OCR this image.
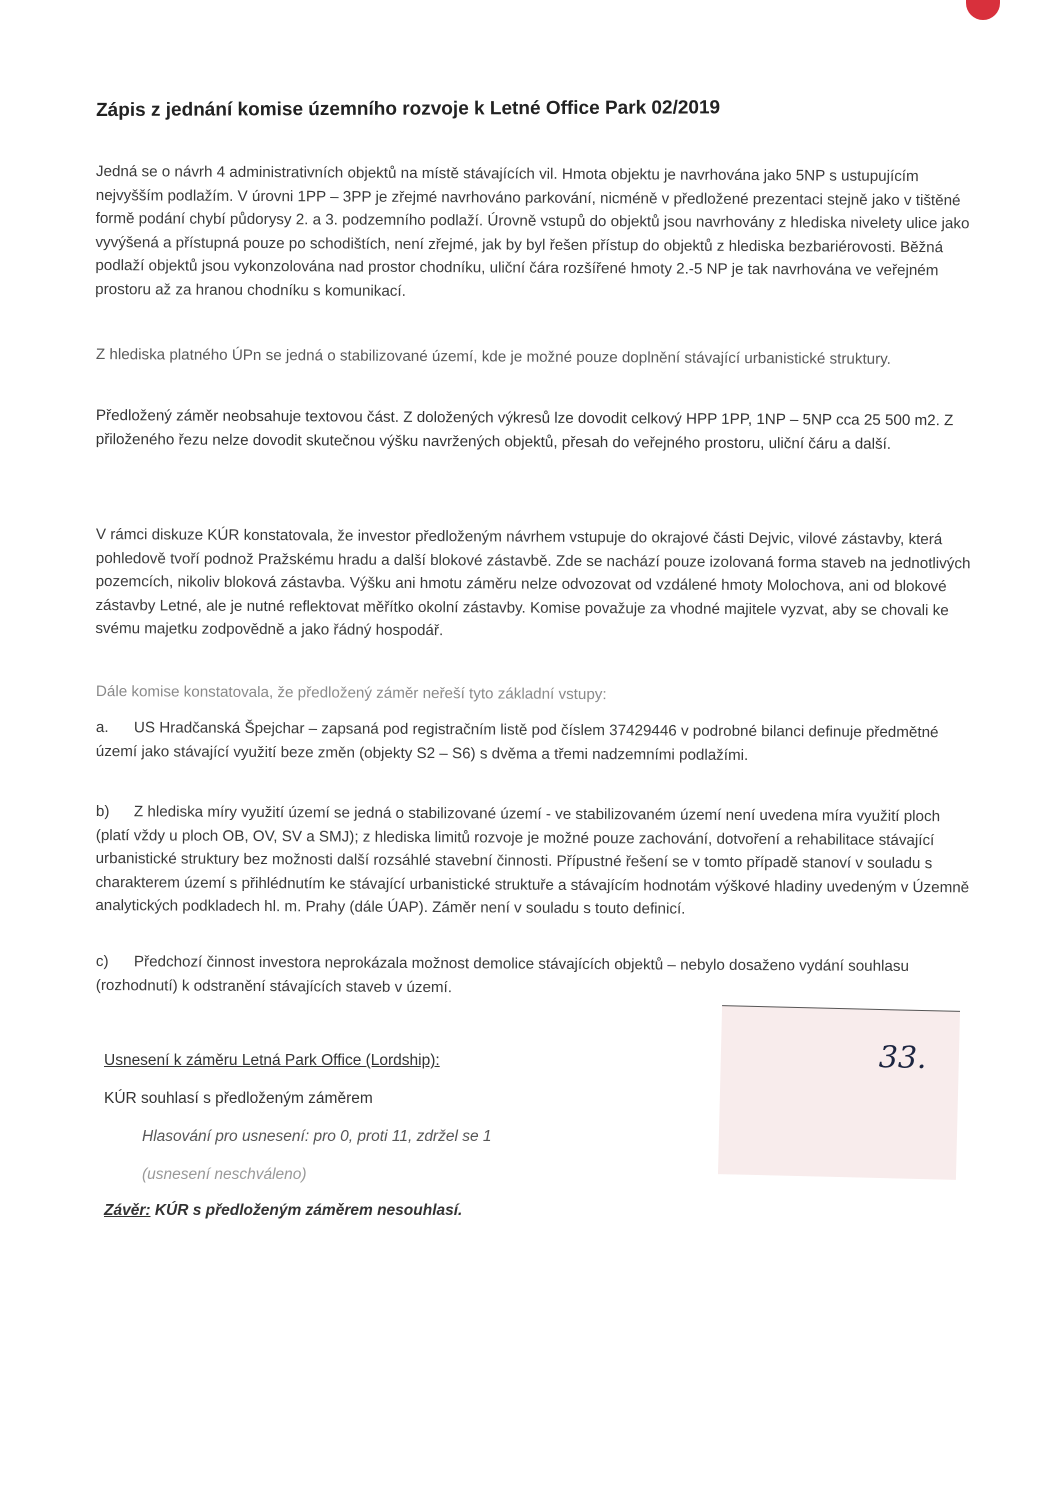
Zápis z jednání komise územního rozvoje k Letné Office Park 02/2019

Jedná se o návrh 4 administrativních objektů na místě stávajících vil. Hmota objektu je navrhována jako 5NP s ustupujícím nejvyšším podlažím. V úrovni 1PP – 3PP je zřejmé navrhováno parkování, nicméně v předložené prezentaci stejně jako v tištěné formě podání chybí půdorysy 2. a 3. podzemního podlaží. Úrovně vstupů do objektů jsou navrhovány z hlediska nivelety ulice jako vyvýšená a přístupná pouze po schodištích, není zřejmé, jak by byl řešen přístup do objektů z hlediska bezbariérovosti. Běžná podlaží objektů jsou vykonzolována nad prostor chodníku, uliční čára rozšířené hmoty 2.-5 NP je tak navrhována ve veřejném prostoru až za hranou chodníku s komunikací.

Z hlediska platného ÚPn se jedná o stabilizované území, kde je možné pouze doplnění stávající urbanistické struktury.

Předložený záměr neobsahuje textovou část. Z doložených výkresů lze dovodit celkový HPP 1PP, 1NP – 5NP cca 25 500 m2. Z přiloženého řezu nelze dovodit skutečnou výšku navržených objektů, přesah do veřejného prostoru, uliční čáru a další.

V rámci diskuze KÚR konstatovala, že investor předloženým návrhem vstupuje do okrajové části Dejvic, vilové zástavby, která pohledově tvoří podnož Pražskému hradu a další blokové zástavbě. Zde se nachází pouze izolovaná forma staveb na jednotlivých pozemcích, nikoliv bloková zástavba. Výšku ani hmotu záměru nelze odvozovat od vzdálené hmoty Molochova, ani od blokové zástavby Letné, ale je nutné reflektovat měřítko okolní zástavby. Komise považuje za vhodné majitele vyzvat, aby se chovali ke svému majetku zodpovědně a jako řádný hospodář.

Dále komise konstatovala, že předložený záměr neřeší tyto základní vstupy:

a. US Hradčanská Špejchar – zapsaná pod registračním listě pod číslem 37429446 v podrobné bilanci definuje předmětné území jako stávající využití beze změn (objekty S2 – S6) s dvěma a třemi nadzemními podlažími.

b) Z hlediska míry využití území se jedná o stabilizované území - ve stabilizovaném území není uvedena míra využití ploch (platí vždy u ploch OB, OV, SV a SMJ); z hlediska limitů rozvoje je možné pouze zachování, dotvoření a rehabilitace stávající urbanistické struktury bez možnosti další rozsáhlé stavební činnosti. Přípustné řešení se v tomto případě stanoví v souladu s charakterem území s přihlédnutím ke stávající urbanistické struktuře a stávajícím hodnotám výškové hladiny uvedeným v Územně analytických podkladech hl. m. Prahy (dále ÚAP). Záměr není v souladu s touto definicí.

c) Předchozí činnost investora neprokázala možnost demolice stávajících objektů – nebylo dosaženo vydání souhlasu (rozhodnutí) k odstranění stávajících staveb v území.

33.

Usnesení k záměru Letná Park Office (Lordship):

KÚR souhlasí s předloženým záměrem

Hlasování pro usnesení: pro 0, proti 11, zdržel se 1

(usnesení neschváleno)

Závěr: KÚR s předloženým záměrem nesouhlasí.
